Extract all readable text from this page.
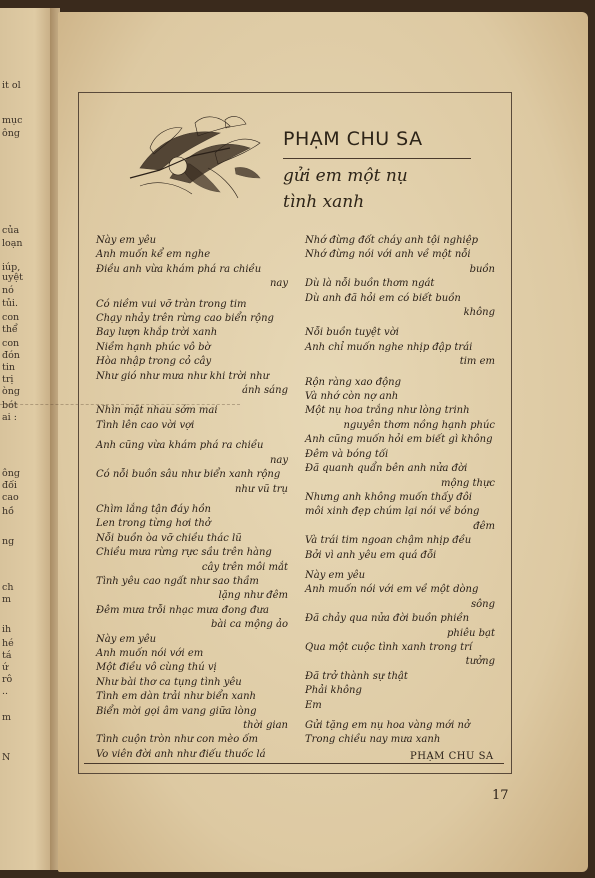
it ol
mục
ông
của
loạn
iúp,
uyệt
nó
tủi.
con
thể
con
đón
tin
trị
òng
bót
ai :
ông
đối
cao
hồ
ng
ch
m
ih
hé
tá
ứ
rô
..
m
N
PHẠM CHU SA
gửi em một nụ
tình xanh
Này em yêu
Anh muốn kể em nghe
Điều anh vừa khám phá ra chiều
nay
Có niềm vui vỡ tràn trong tim
Chạy nhảy trên rừng cao biển rộng
Bay lượn khắp trời xanh
Niềm hạnh phúc vô bờ
Hòa nhập trong cỏ cây
Như gió như mưa như khi trời như
ánh sáng
Nhìn mặt nhau sớm mai
Tình lên cao vời vợi
Anh cũng vừa khám phá ra chiều
nay
Có nỗi buồn sâu như biển xanh rộng
như vũ trụ
Chìm lắng tận đáy hồn
Len trong từng hơi thở
Nỗi buồn òa vỡ chiều thác lũ
Chiều mưa rừng rực sầu trên hàng
cây trên môi mắt
Tình yêu cao ngất như sao thầm
lặng như đêm
Đêm mưa trỗi nhạc mưa đong đưa
bài ca mộng ảo
Này em yêu
Anh muốn nói với em
Một điều vô cùng thú vị
Như bài thơ ca tụng tình yêu
Tình em dàn trải như biển xanh
Biển mời gọi âm vang giữa lòng
thời gian
Tình cuộn tròn như con mèo ốm
Vo viên đời anh như điếu thuốc lá
Nhớ đừng đốt cháy anh tội nghiệp
Nhớ đừng nói với anh về một nỗi
buồn
Dù là nỗi buồn thơm ngát
Dù anh đã hỏi em có biết buồn
không
Nỗi buồn tuyệt vời
Anh chỉ muốn nghe nhịp đập trái
tim em
Rộn ràng xao động
Và nhớ còn nợ anh
Một nụ hoa trắng như lòng trinh
nguyên thơm nồng hạnh phúc
Anh cũng muốn hỏi em biết gì không
Đêm và bóng tối
Đã quanh quẩn bên anh nửa đời
mộng thực
Nhưng anh không muốn thấy đôi
môi xinh đẹp chúm lại nói về bóng
đêm
Và trái tim ngoan chậm nhịp đều
Bởi vì anh yêu em quá đỗi
Này em yêu
Anh muốn nói với em về một dòng
sông
Đã chảy qua nửa đời buồn phiền
phiêu bạt
Qua một cuộc tình xanh trong trí
tưởng
Đã trở thành sự thật
Phải không
Em
Gửi tặng em nụ hoa vàng mới nở
Trong chiều nay mưa xanh
PHẠM CHU SA
17
